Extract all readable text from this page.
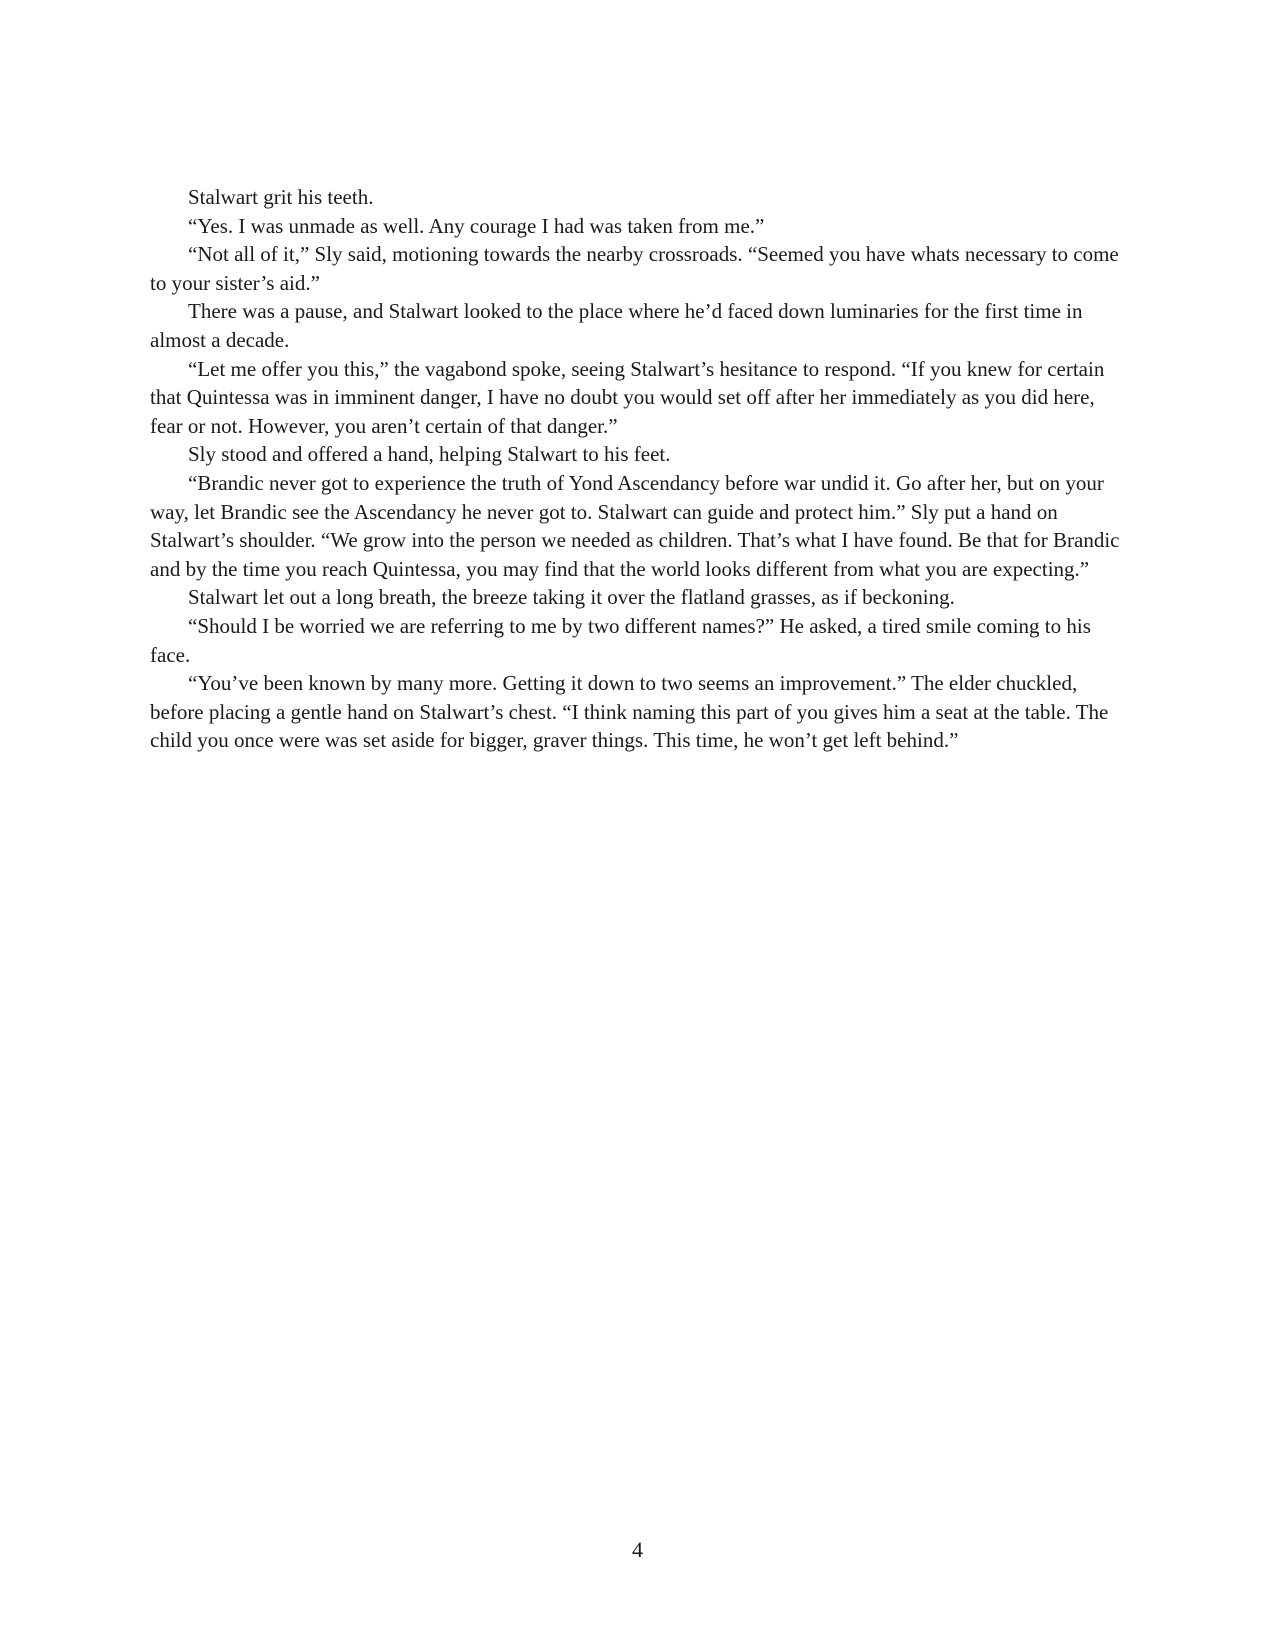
Stalwart grit his teeth.

“Yes. I was unmade as well. Any courage I had was taken from me.”

“Not all of it,” Sly said, motioning towards the nearby crossroads. “Seemed you have whats necessary to come to your sister’s aid.”

There was a pause, and Stalwart looked to the place where he’d faced down luminaries for the first time in almost a decade.

“Let me offer you this,” the vagabond spoke, seeing Stalwart’s hesitance to respond. “If you knew for certain that Quintessa was in imminent danger, I have no doubt you would set off after her immediately as you did here, fear or not. However, you aren’t certain of that danger.”

Sly stood and offered a hand, helping Stalwart to his feet.

“Brandic never got to experience the truth of Yond Ascendancy before war undid it. Go after her, but on your way, let Brandic see the Ascendancy he never got to. Stalwart can guide and protect him.” Sly put a hand on Stalwart’s shoulder. “We grow into the person we needed as children. That’s what I have found. Be that for Brandic and by the time you reach Quintessa, you may find that the world looks different from what you are expecting.”

Stalwart let out a long breath, the breeze taking it over the flatland grasses, as if beckoning.

“Should I be worried we are referring to me by two different names?” He asked, a tired smile coming to his face.

“You’ve been known by many more. Getting it down to two seems an improvement.” The elder chuckled, before placing a gentle hand on Stalwart’s chest. “I think naming this part of you gives him a seat at the table. The child you once were was set aside for bigger, graver things. This time, he won’t get left behind.”

4
